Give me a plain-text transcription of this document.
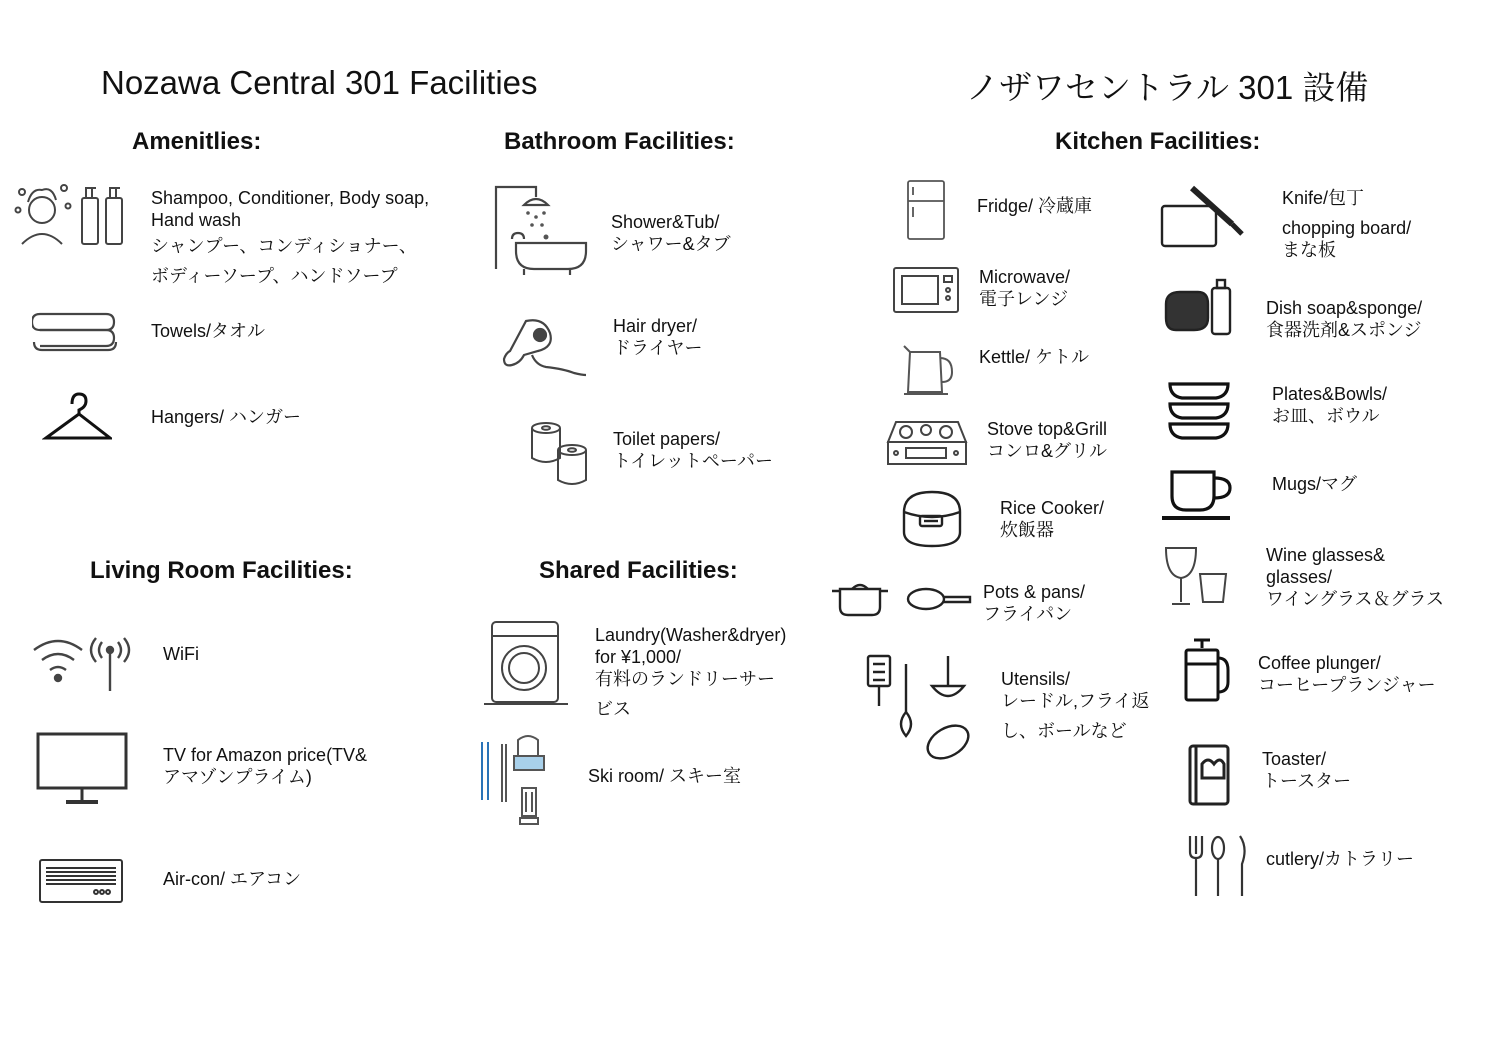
Nozawa Central 301 Facilities	ノザワセントラル 301 設備
Amenitlies:	Bathroom Facilities:	Kitchen Facilities:
Living Room Facilities:	Shared Facilities:
Shampoo, Conditioner, Body soap,
Hand wash
シャンプー、コンディショナー、
ボディーソープ、ハンドソープ
Towels/タオル
Hangers/ ハンガー
Shower&Tub/
シャワー&タブ
Hair dryer/
ドライヤー
Toilet papers/
トイレットペーパー
WiFi
TV for Amazon price(TV&
アマゾンプライム)
Air-con/ エアコン
Laundry(Washer&dryer)
for ¥1,000/
有料のランドリーサー
ビス
Ski room/ スキー室
Fridge/ 冷蔵庫
Microwave/
電子レンジ
Kettle/ ケトル
Stove top&Grill
コンロ&グリル
Rice Cooker/
炊飯器
Pots & pans/
フライパン
Utensils/
レードル,フライ返
し、ボールなど
Knife/包丁
chopping board/
まな板
Dish soap&sponge/
食器洗剤&スポンジ
Plates&Bowls/
お皿、ボウル
Mugs/マグ
Wine glasses&
glasses/
ワイングラス＆グラス
Coffee plunger/
コーヒープランジャー
Toaster/
トースター
cutlery/カトラリー
